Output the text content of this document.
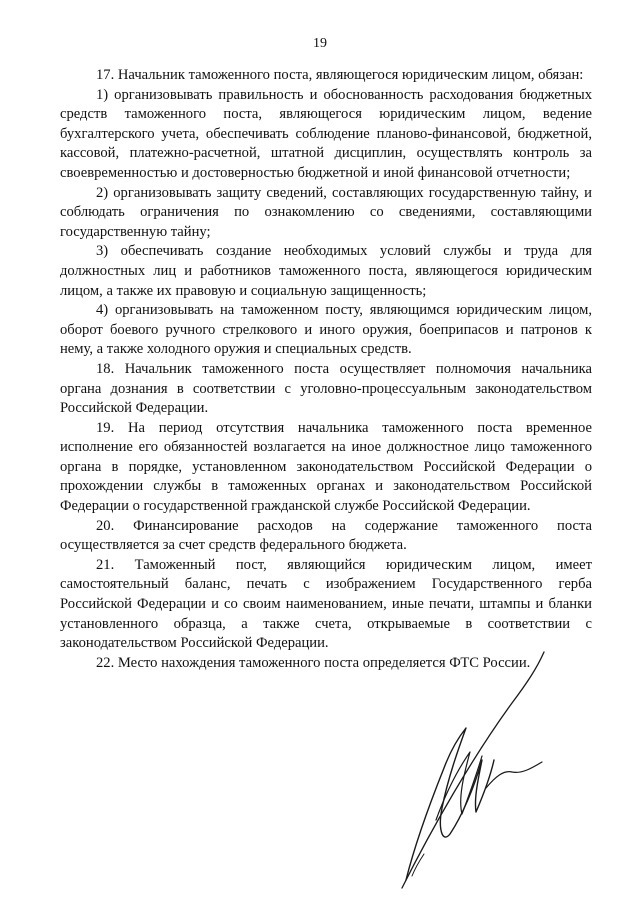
19

17. Начальник таможенного поста, являющегося юридическим лицом, обязан:

1) организовывать правильность и обоснованность расходования бюджетных средств таможенного поста, являющегося юридическим лицом, ведение бухгалтерского учета, обеспечивать соблюдение планово-финансовой, бюджетной, кассовой, платежно-расчетной, штатной дисциплин, осуществлять контроль за своевременностью и достоверностью бюджетной и иной финансовой отчетности;

2) организовывать защиту сведений, составляющих государственную тайну, и соблюдать ограничения по ознакомлению со сведениями, составляющими государственную тайну;

3) обеспечивать создание необходимых условий службы и труда для должностных лиц и работников таможенного поста, являющегося юридическим лицом, а также их правовую и социальную защищенность;

4) организовывать на таможенном посту, являющимся юридическим лицом, оборот боевого ручного стрелкового и иного оружия, боеприпасов и патронов к нему, а также холодного оружия и специальных средств.

18. Начальник таможенного поста осуществляет полномочия начальника органа дознания в соответствии с уголовно-процессуальным законодательством Российской Федерации.

19. На период отсутствия начальника таможенного поста временное исполнение его обязанностей возлагается на иное должностное лицо таможенного органа в порядке, установленном законодательством Российской Федерации о прохождении службы в таможенных органах и законодательством Российской Федерации о государственной гражданской службе Российской Федерации.

20. Финансирование расходов на содержание таможенного поста осуществляется за счет средств федерального бюджета.

21. Таможенный пост, являющийся юридическим лицом, имеет самостоятельный баланс, печать с изображением Государственного герба Российской Федерации и со своим наименованием, иные печати, штампы и бланки установленного образца, а также счета, открываемые в соответствии с законодательством Российской Федерации.

22. Место нахождения таможенного поста определяется ФТС России.
